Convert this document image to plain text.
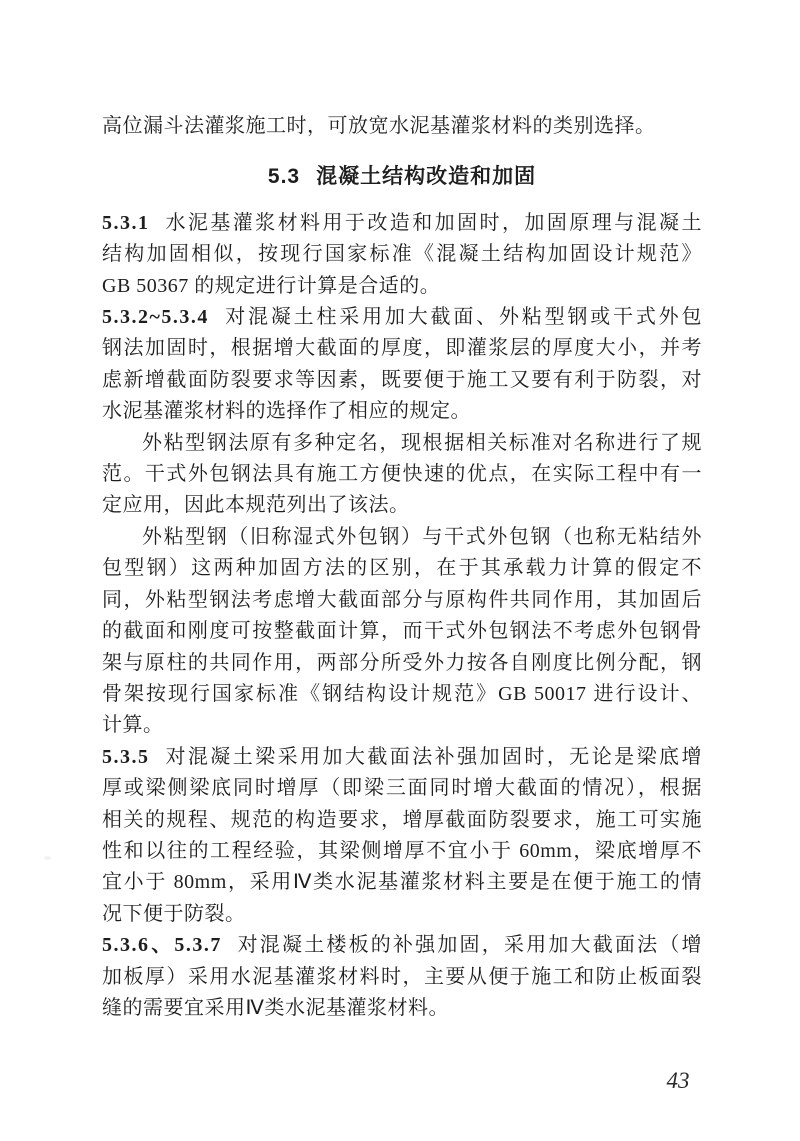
高位漏斗法灌浆施工时，可放宽水泥基灌浆材料的类别选择。
5.3 混凝土结构改造和加固
5.3.1 水泥基灌浆材料用于改造和加固时，加固原理与混凝土
结构加固相似，按现行国家标准《混凝土结构加固设计规范》
GB 50367 的规定进行计算是合适的。
5.3.2~5.3.4 对混凝土柱采用加大截面、外粘型钢或干式外包
钢法加固时，根据增大截面的厚度，即灌浆层的厚度大小，并考
虑新增截面防裂要求等因素，既要便于施工又要有利于防裂，对
水泥基灌浆材料的选择作了相应的规定。
外粘型钢法原有多种定名，现根据相关标准对名称进行了规
范。干式外包钢法具有施工方便快速的优点，在实际工程中有一
定应用，因此本规范列出了该法。
外粘型钢（旧称湿式外包钢）与干式外包钢（也称无粘结外
包型钢）这两种加固方法的区别，在于其承载力计算的假定不
同，外粘型钢法考虑增大截面部分与原构件共同作用，其加固后
的截面和刚度可按整截面计算，而干式外包钢法不考虑外包钢骨
架与原柱的共同作用，两部分所受外力按各自刚度比例分配，钢
骨架按现行国家标准《钢结构设计规范》GB 50017 进行设计、
计算。
5.3.5 对混凝土梁采用加大截面法补强加固时，无论是梁底增
厚或梁侧梁底同时增厚（即梁三面同时增大截面的情况），根据
相关的规程、规范的构造要求，增厚截面防裂要求，施工可实施
性和以往的工程经验，其梁侧增厚不宜小于 60mm，梁底增厚不
宜小于 80mm，采用Ⅳ类水泥基灌浆材料主要是在便于施工的情
况下便于防裂。
5.3.6、5.3.7 对混凝土楼板的补强加固，采用加大截面法（增
加板厚）采用水泥基灌浆材料时，主要从便于施工和防止板面裂
缝的需要宜采用Ⅳ类水泥基灌浆材料。
43
